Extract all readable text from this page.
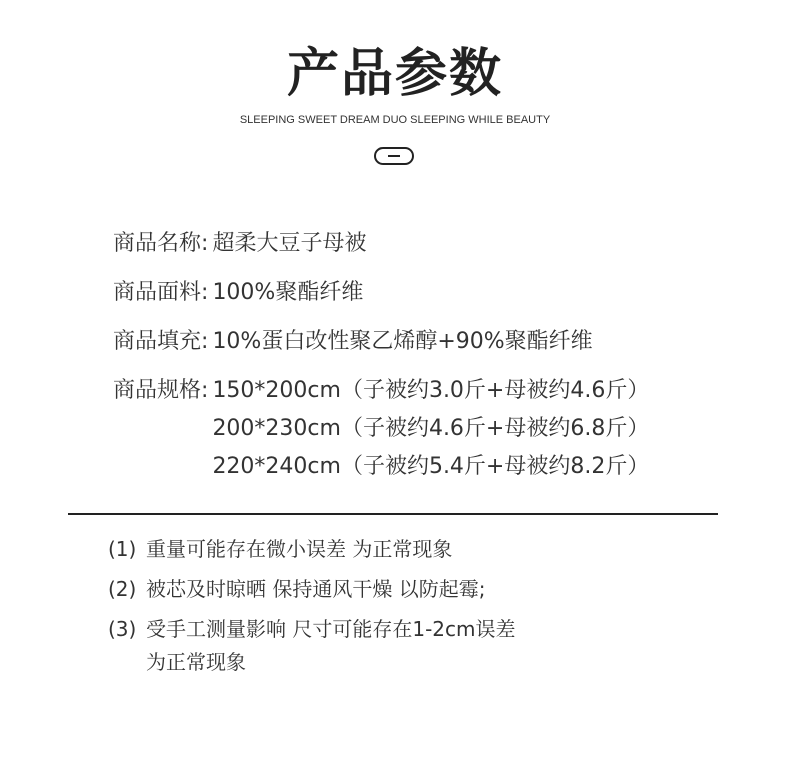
产品参数
SLEEPING SWEET DREAM DUO SLEEPING WHILE BEAUTY
商品名称 : 超柔大豆子母被
商品面料 : 100%聚酯纤维
商品填充 : 10%蛋白改性聚乙烯醇+90%聚酯纤维
商品规格 : 150*200cm（子被约3.0斤+母被约4.6斤）
200*230cm（子被约4.6斤+母被约6.8斤）
220*240cm（子被约5.4斤+母被约8.2斤）
(1) 重量可能存在微小误差 为正常现象
(2) 被芯及时晾晒 保持通风干燥 以防起霉;
(3) 受手工测量影响 尺寸可能存在1-2cm误差
为正常现象
